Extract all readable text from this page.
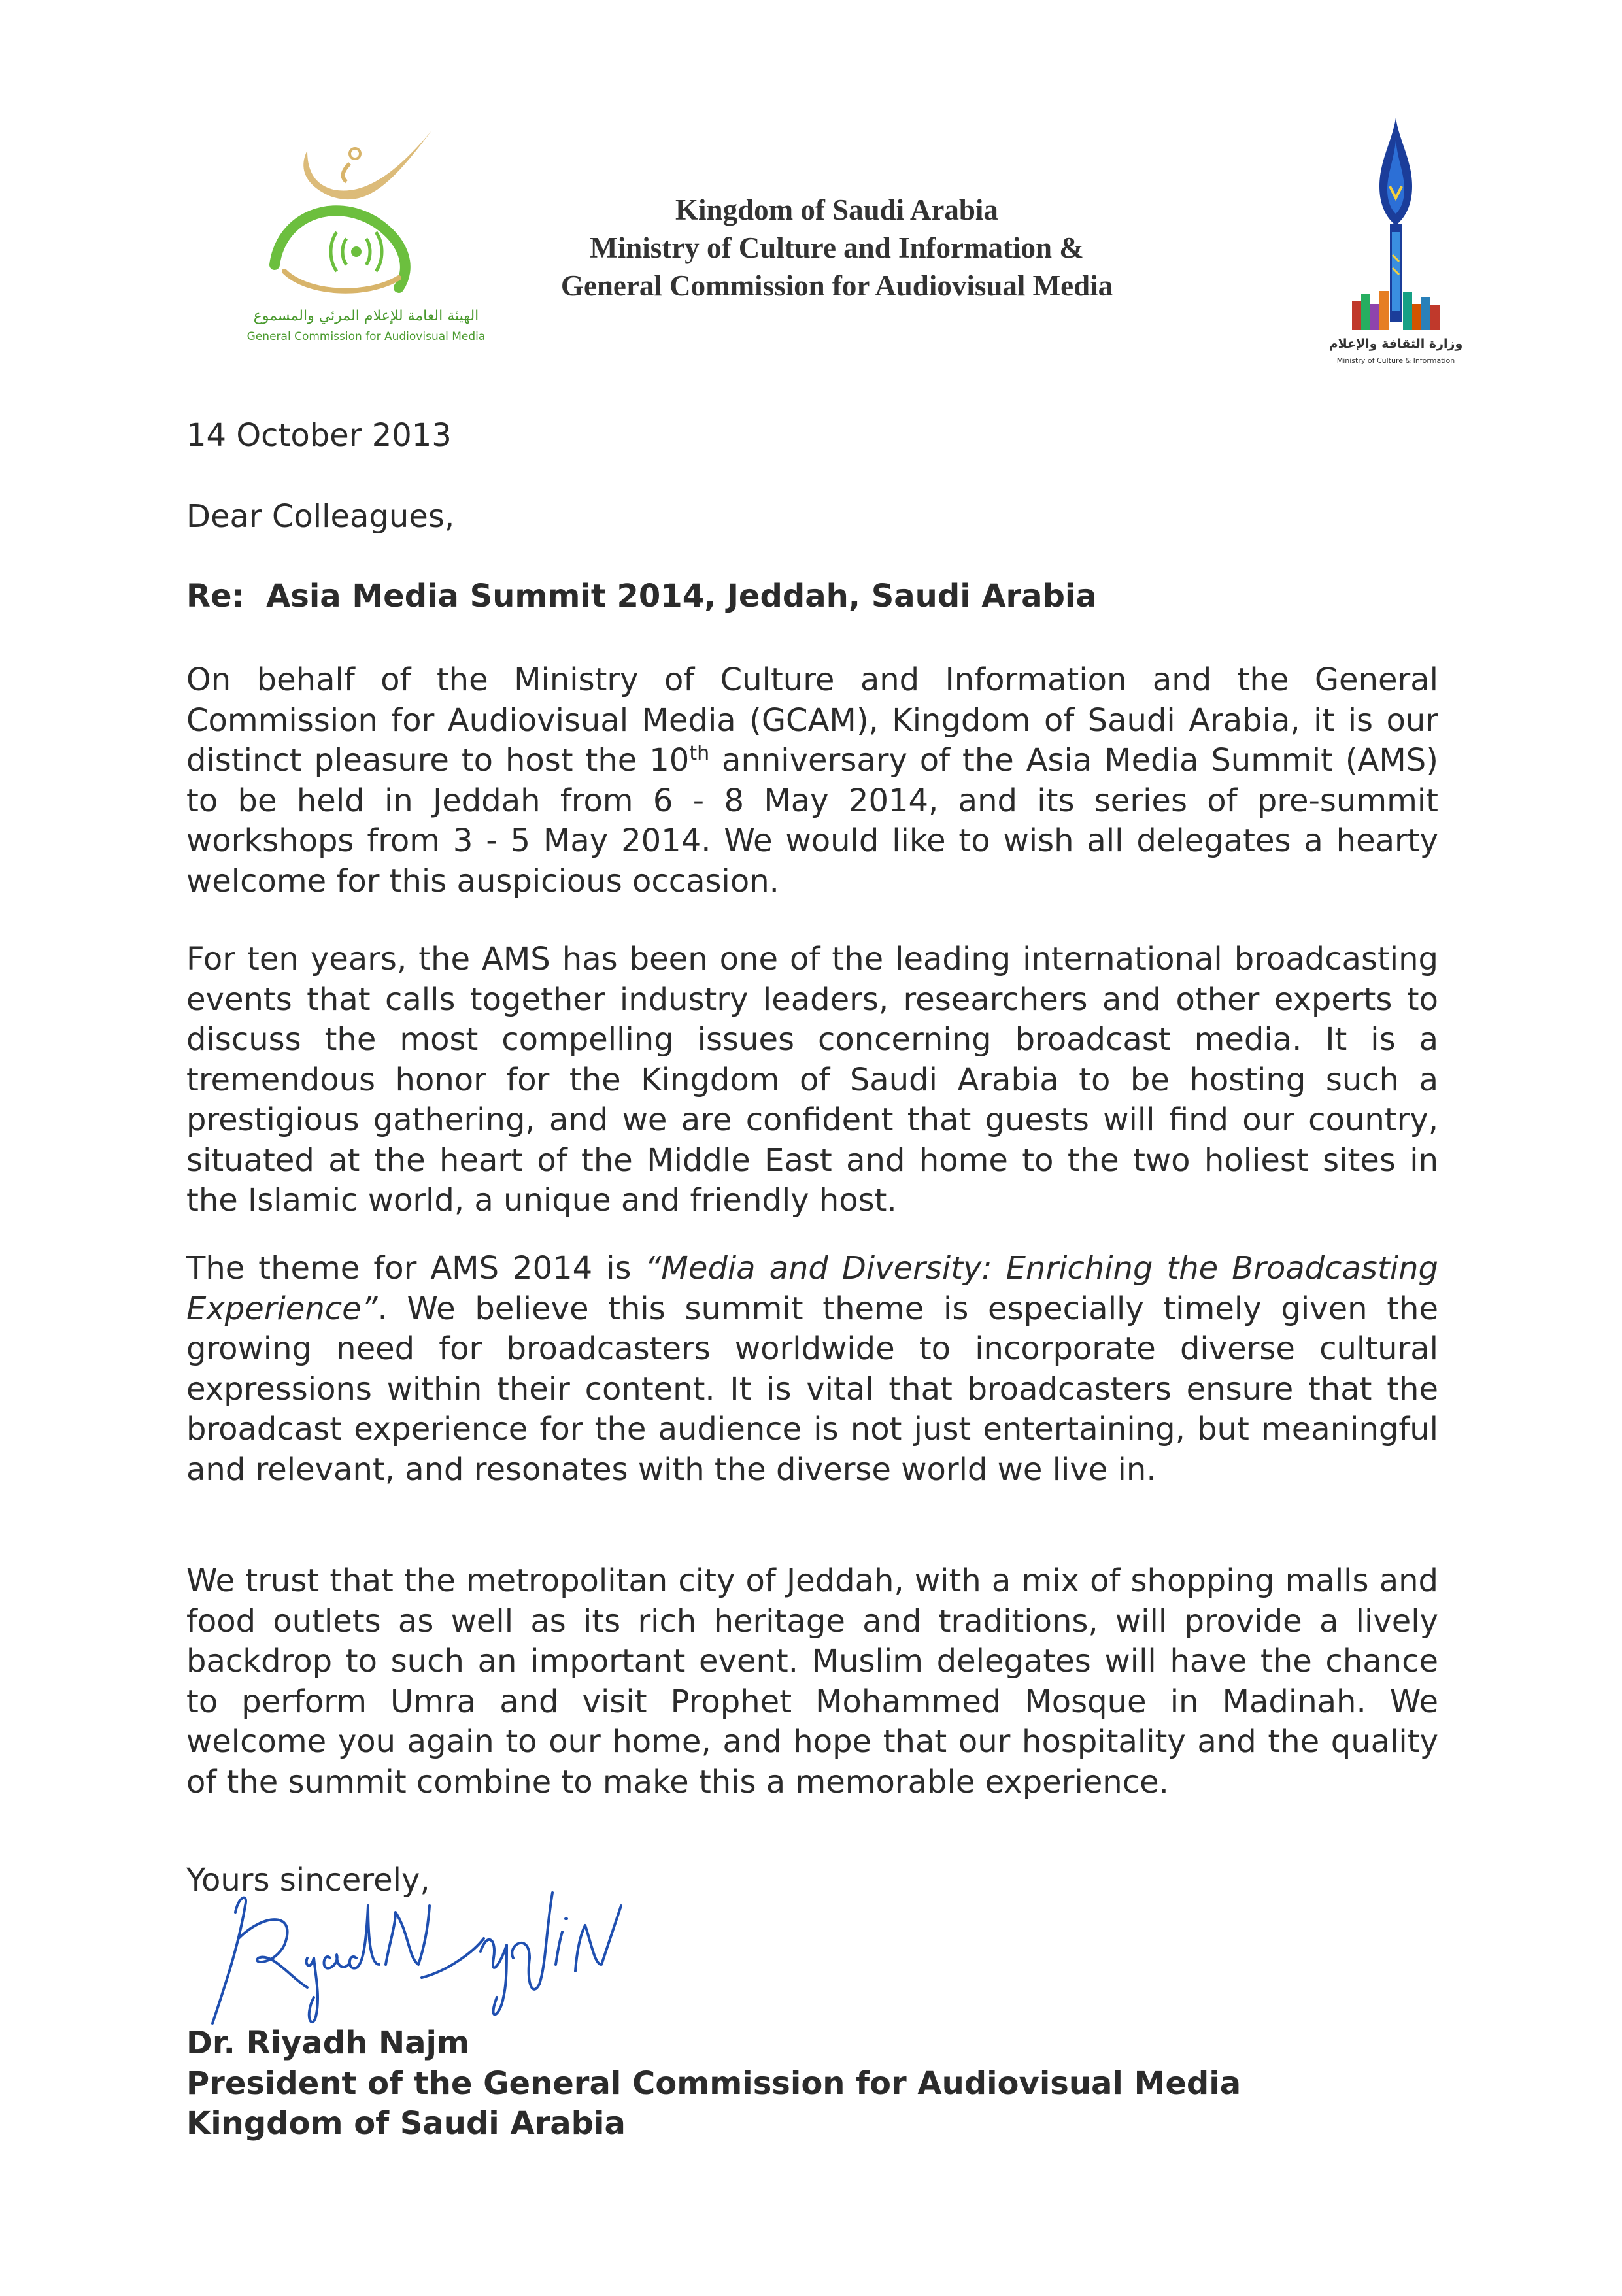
الهيئة العامة للإعلام المرئي والمسموع
General Commission for Audiovisual Media	وزارة الثقافة والإعلام
Ministry of Culture & Information
Kingdom of Saudi Arabia
Ministry of Culture and Information &
General Commission for Audiovisual Media
14 October 2013
Dear Colleagues,
Re:  Asia Media Summit 2014, Jeddah, Saudi Arabia
On behalf of the Ministry of Culture and Information and the General Commission for Audiovisual Media (GCAM), Kingdom of Saudi Arabia, it is our distinct pleasure to host the 10th anniversary of the Asia Media Summit (AMS) to be held in Jeddah from 6 - 8 May 2014, and its series of pre-summit workshops from 3 - 5 May 2014. We would like to wish all delegates a hearty welcome for this auspicious occasion.
For ten years, the AMS has been one of the leading international broadcasting events that calls together industry leaders, researchers and other experts to discuss the most compelling issues concerning broadcast media. It is a tremendous honor for the Kingdom of Saudi Arabia to be hosting such a prestigious gathering, and we are confident that guests will find our country, situated at the heart of the Middle East and home to the two holiest sites in the Islamic world, a unique and friendly host.
The theme for AMS 2014 is “Media and Diversity: Enriching the Broadcasting Experience”. We believe this summit theme is especially timely given the growing need for broadcasters worldwide to incorporate diverse cultural expressions within their content. It is vital that broadcasters ensure that the broadcast experience for the audience is not just entertaining, but meaningful and relevant, and resonates with the diverse world we live in.
We trust that the metropolitan city of Jeddah, with a mix of shopping malls and food outlets as well as its rich heritage and traditions, will provide a lively backdrop to such an important event. Muslim delegates will have the chance to perform Umra and visit Prophet Mohammed Mosque in Madinah. We welcome you again to our home, and hope that our hospitality and the quality of the summit combine to make this a memorable experience.
Yours sincerely,
Dr. Riyadh Najm
President of the General Commission for Audiovisual Media
Kingdom of Saudi Arabia
